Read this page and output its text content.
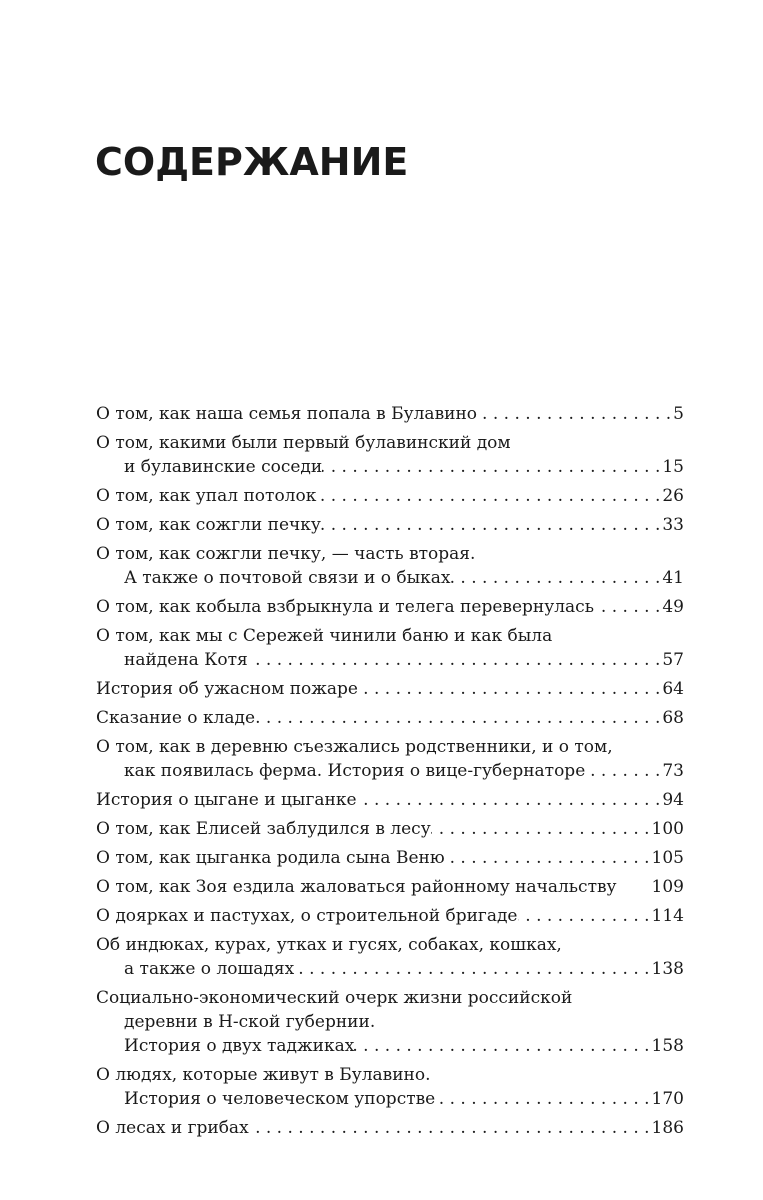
СОДЕРЖАНИЕ
О том, как наша семья попала в Булавино . . .	5
О том, какими были первый булавинский дом
и булавинские соседи . . .	15
О том, как упал потолок . . .	26
О том, как сожгли печку . . .	33
О том, как сожгли печку, — часть вторая.
А также о почтовой связи и о быках . . .	41
О том, как кобыла взбрыкнула и телега перевернулась . . .	49
О том, как мы с Сережей чинили баню и как была
найдена Котя . . .	57
История об ужасном пожаре . . .	64
Сказание о кладе . . .	68
О том, как в деревню съезжались родственники, и о том,
как появилась ферма. История о вице-губернаторе . . .	73
История о цыгане и цыганке . . .	94
О том, как Елисей заблудился в лесу . . .	100
О том, как цыганка родила сына Веню . . .	105
О том, как Зоя ездила жаловаться районному начальству 109
О доярках и пастухах, о строительной бригаде . . .	114
Об индюках, курах, утках и гусях, собаках, кошках,
а также о лошадях . . .	138
Социально-экономический очерк жизни российской
деревни в Н-ской губернии.
История о двух таджиках . . .	158
О людях, которые живут в Булавино.
История о человеческом упорстве . . .	170
О лесах и грибах . . .	186
